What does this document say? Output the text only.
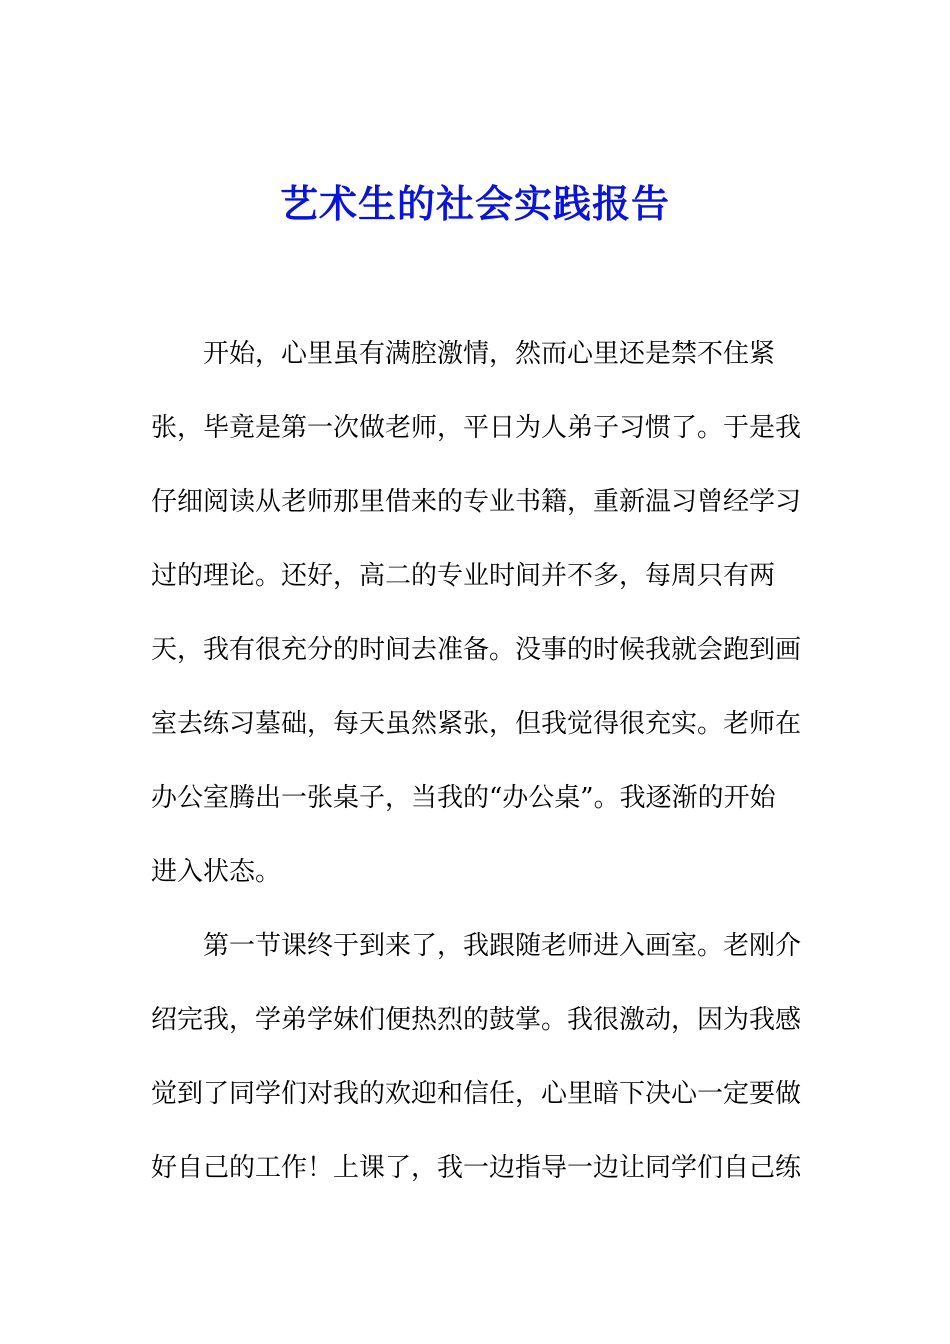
艺术生的社会实践报告
开始，心里虽有满腔激情，然而心里还是禁不住紧
张，毕竟是第一次做老师，平日为人弟子习惯了。于是我
仔细阅读从老师那里借来的专业书籍，重新温习曾经学习
过的理论。还好，高二的专业时间并不多，每周只有两
天，我有很充分的时间去准备。没事的时候我就会跑到画
室去练习墓础，每天虽然紧张，但我觉得很充实。老师在
办公室腾出一张桌子，当我的“办公桌”。我逐渐的开始
进入状态。
第一节课终于到来了，我跟随老师进入画室。老刚介
绍完我，学弟学妹们便热烈的鼓掌。我很激动，因为我感
觉到了同学们对我的欢迎和信任，心里暗下决心一定要做
好自己的工作！上课了，我一边指导一边让同学们自己练
